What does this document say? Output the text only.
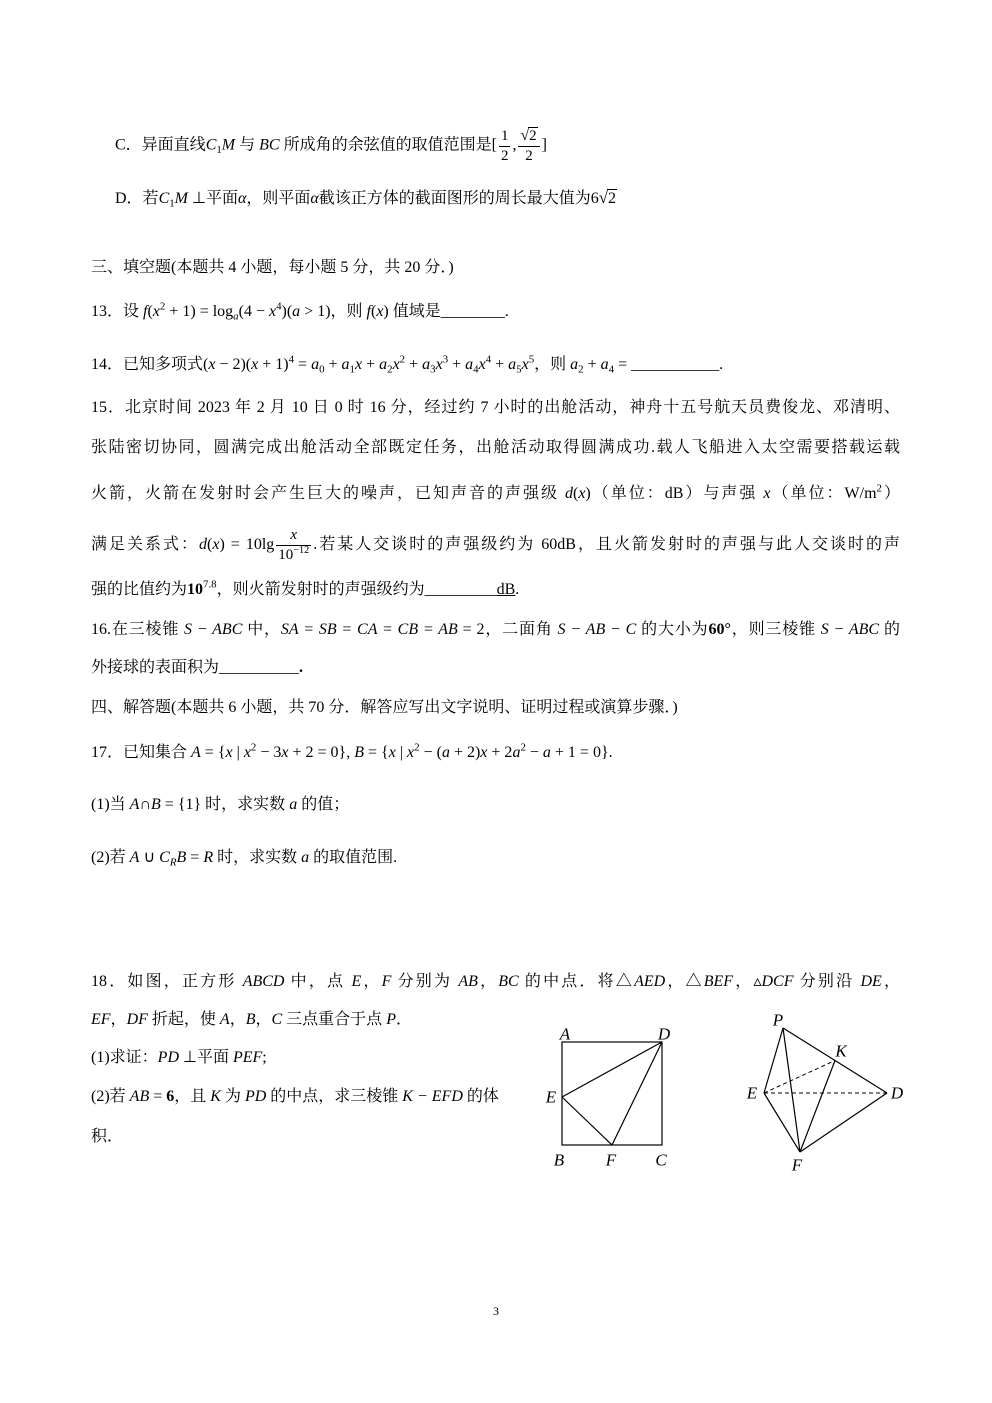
C．异面直线$C_1M$ 与 BC 所成角的余弦值的取值范围是[ $\frac{1}{2}$ , $\frac{√2}{2}$ ]
D．若$C_1M$ ⊥平面α，则平面α截该正方体的截面图形的周长最大值为6√2
三、填空题(本题共 4 小题，每小题 5 分，共 20 分．)
13．设 $f(x^2 + 1) = \log_a(4 - x^4)(a > 1)$，则 f(x) 值域是________.
14．已知多项式$(x - 2)(x + 1)^4 = a_0 + a_1x + a_2x^2 + a_3x^3 + a_4x^4 + a_5x^5$，则 $a_2 + a_4$ = ___________.
15．北京时间 2023 年 2 月 10 日 0 时 16 分，经过约 7 小时的出舱活动，神舟十五号航天员费俊龙、邓清明、
张陆密切协同，圆满完成出舱活动全部既定任务，出舱活动取得圆满成功.载人飞船进入太空需要搭载运载
火箭，火箭在发射时会产生巨大的噪声，已知声音的声强级 d(x)（单位：dB）与声强 x（单位：$W/m^2$）
满足关系式：$d(x) = 10\lg \frac{x}{10^{-12}}$ .若某人交谈时的声强级约为 60dB，且火箭发射时的声强与此人交谈时的声
强的比值约为$10^{7.8}$，则火箭发射时的声强级约为_________dB.
16.在三棱锥 S − ABC 中，SA = SB = CA = CB = AB = 2，二面角 S − AB − C 的大小为60°，则三棱锥 S − ABC 的
外接球的表面积为__________.
四、解答题(本题共 6 小题，共 70 分．解答应写出文字说明、证明过程或演算步骤．)
17．已知集合 A = {x | $x^2 - 3x + 2 = 0$}, B = {x | $x^2 - (a + 2)x + 2a^2 - a + 1 = 0$}.
(1)当 A∩B = {1} 时，求实数 a 的值；
(2)若 A ∪ $C_RB = R$ 时，求实数 a 的取值范围.
18．如图，正方形 ABCD 中，点 E，F 分别为 AB，BC 的中点．将△AED，△BEF，▵DCF 分别沿 DE，
EF，DF 折起，使 A，B，C 三点重合于点 P．
(1)求证：PD ⊥平面 PEF;
(2)若 AB = 6，且 K 为 PD 的中点，求三棱锥 K − EFD 的体
积．
A	D
E
B F C
P
K
E	D
F
3
